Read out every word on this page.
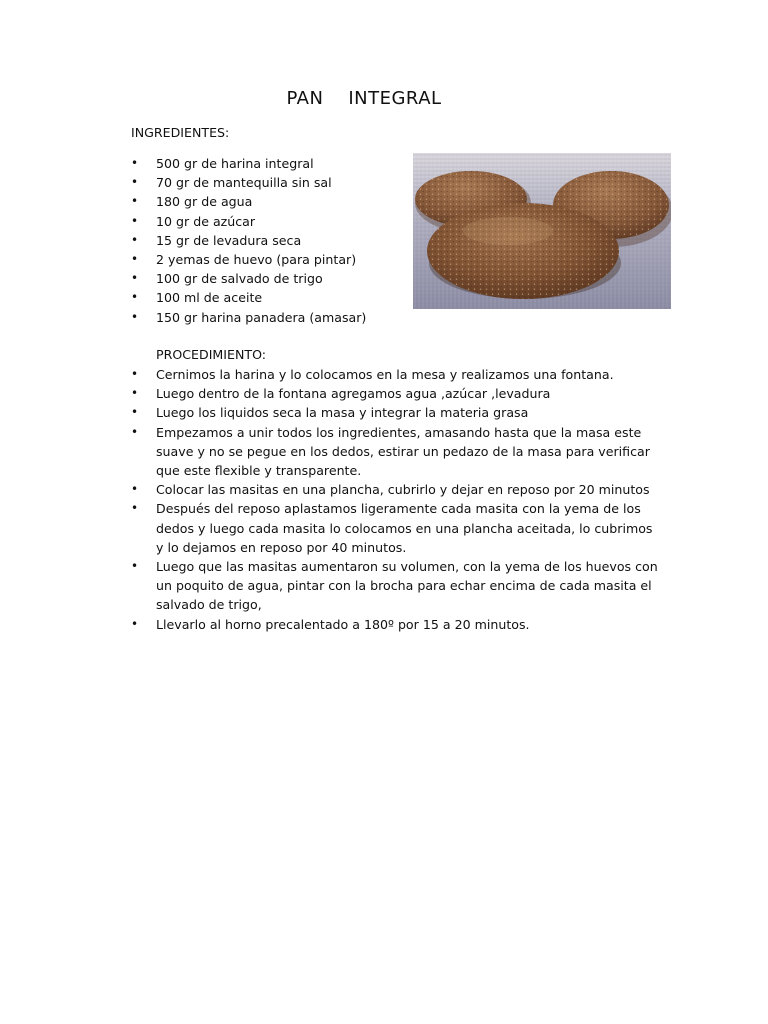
PAN    INTEGRAL
INGREDIENTES:
• 500 gr de harina integral
• 70 gr de mantequilla sin sal
• 180 gr de agua
• 10 gr de azúcar
• 15 gr de levadura seca
• 2 yemas de huevo (para pintar)
• 100 gr de salvado de trigo
• 100 ml de aceite
• 150 gr harina panadera (amasar)
PROCEDIMIENTO:
• Cernimos la harina y lo colocamos en la mesa y realizamos una fontana.
• Luego dentro de la fontana agregamos agua ,azúcar ,levadura
• Luego los liquidos seca la masa y integrar la materia grasa
• Empezamos a unir todos los ingredientes, amasando hasta que la masa este suave y no se pegue en los dedos, estirar un pedazo de la masa para verificar que este flexible y transparente.
• Colocar las masitas en una plancha, cubrirlo y dejar en reposo por 20 minutos
• Después del reposo aplastamos ligeramente cada masita con la yema de los dedos y luego cada masita lo colocamos en una plancha aceitada, lo cubrimos y lo dejamos en reposo por 40 minutos.
• Luego que las masitas aumentaron su volumen, con la yema de los huevos con un poquito de agua, pintar con la brocha para echar encima de cada masita el salvado de trigo,
• Llevarlo al horno precalentado a 180º por 15 a 20 minutos.
